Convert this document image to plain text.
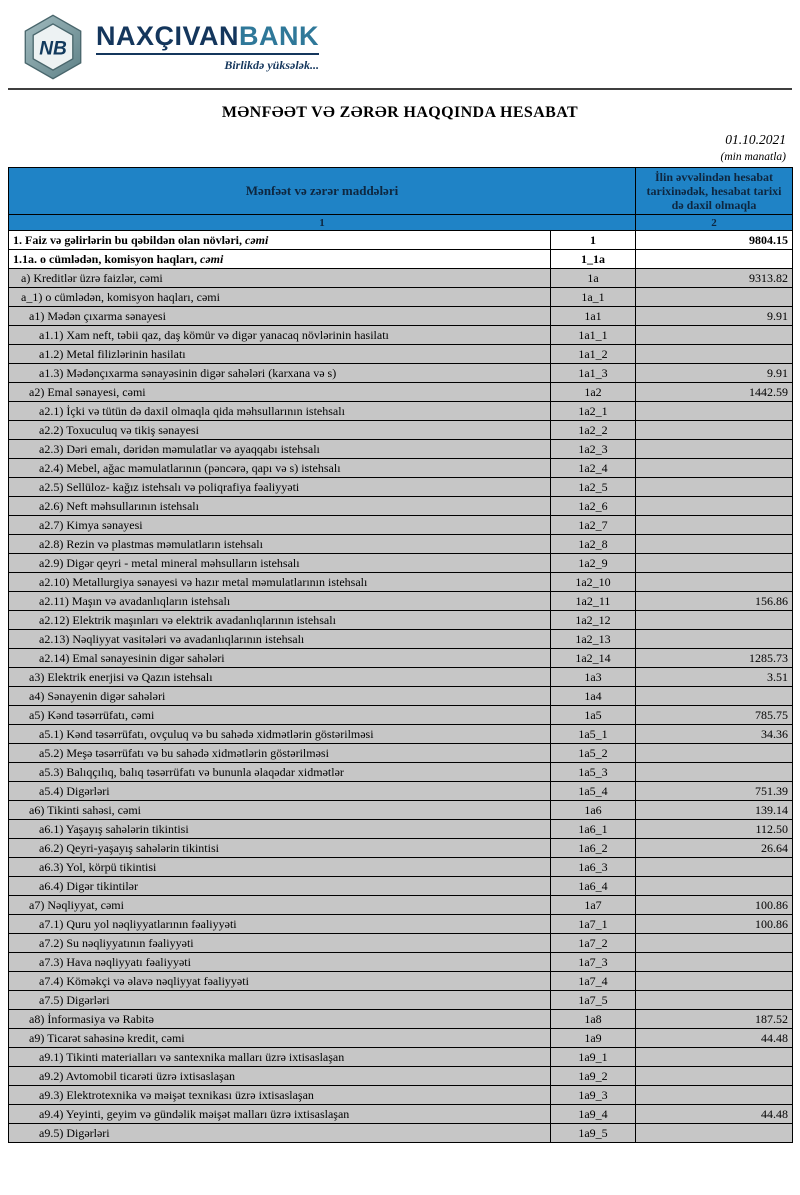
NB NAXÇIVANBANK
Birlikdə yüksələk...
MƏNFƏƏT VƏ ZƏRƏR HAQQINDA HESABAT
01.10.2021
(min manatla)
Mənfəət və zərər maddələri		İlin əvvəlindən hesabat tarixinədək, hesabat tarixi də daxil olmaqla
1		2
1. Faiz və gəlirlərin bu qəbildən olan növləri, cəmi	1	9804.15
1.1a. o cümlədən, komisyon haqları, cəmi	1_1a	
a) Kreditlər üzrə faizlər, cəmi	1a	9313.82
a_1) o cümlədən, komisyon haqları, cəmi	1a_1	
a1) Mədən çıxarma sənayesi	1a1	9.91
a1.1) Xam neft, təbii qaz, daş kömür və digər yanacaq növlərinin hasilatı	1a1_1	
a1.2) Metal filizlərinin hasilatı	1a1_2	
a1.3) Mədənçıxarma sənayəsinin digər sahələri (karxana və s)	1a1_3	9.91
a2) Emal sənayesi, cəmi	1a2	1442.59
a2.1) İçki və tütün də daxil olmaqla qida məhsullarının istehsalı	1a2_1	
a2.2) Toxuculuq və tikiş sənayesi	1a2_2	
a2.3) Dəri emalı, dəridən məmulatlar və ayaqqabı istehsalı	1a2_3	
a2.4) Mebel, ağac məmulatlarının (pəncərə, qapı və s) istehsalı	1a2_4	
a2.5) Sellüloz- kağız istehsalı və poliqrafiya fəaliyyəti	1a2_5	
a2.6) Neft məhsullarının istehsalı	1a2_6	
a2.7) Kimya sənayesi	1a2_7	
a2.8) Rezin və plastmas məmulatların istehsalı	1a2_8	
a2.9) Digər qeyri - metal mineral məhsulların istehsalı	1a2_9	
a2.10) Metallurgiya sənayesi və hazır metal məmulatlarının istehsalı	1a2_10	
a2.11) Maşın və avadanlıqların istehsalı	1a2_11	156.86
a2.12) Elektrik maşınları və elektrik avadanlıqlarının istehsalı	1a2_12	
a2.13) Nəqliyyat vasitələri və avadanlıqlarının istehsalı	1a2_13	
a2.14) Emal sənayesinin digər sahələri	1a2_14	1285.73
a3) Elektrik enerjisi və Qazın istehsalı	1a3	3.51
a4) Sənayenin digər sahələri	1a4	
a5) Kənd təsərrüfatı, cəmi	1a5	785.75
a5.1) Kənd təsərrüfatı, ovçuluq və bu sahədə xidmətlərin göstərilməsi	1a5_1	34.36
a5.2) Meşə təsərrüfatı və bu sahədə xidmətlərin göstərilməsi	1a5_2	
a5.3) Balıqçılıq, balıq təsərrüfatı və bununla əlaqədar xidmətlər	1a5_3	
a5.4) Digərləri	1a5_4	751.39
a6) Tikinti sahəsi, cəmi	1a6	139.14
a6.1) Yaşayış sahələrin tikintisi	1a6_1	112.50
a6.2) Qeyri-yaşayış sahələrin tikintisi	1a6_2	26.64
a6.3) Yol, körpü tikintisi	1a6_3	
a6.4) Digər tikintilər	1a6_4	
a7) Nəqliyyat, cəmi	1a7	100.86
a7.1) Quru yol nəqliyyatlarının fəaliyyəti	1a7_1	100.86
a7.2) Su nəqliyyatının fəaliyyəti	1a7_2	
a7.3) Hava nəqliyyatı fəaliyyəti	1a7_3	
a7.4) Köməkçi və əlavə nəqliyyat fəaliyyəti	1a7_4	
a7.5) Digərləri	1a7_5	
a8) İnformasiya və Rabitə	1a8	187.52
a9) Ticarət sahəsinə kredit, cəmi	1a9	44.48
a9.1) Tikinti materialları və santexnika malları üzrə ixtisaslaşan	1a9_1	
a9.2) Avtomobil ticarəti üzrə ixtisaslaşan	1a9_2	
a9.3) Elektrotexnika və məişət texnikası üzrə ixtisaslaşan	1a9_3	
a9.4) Yeyinti, geyim və gündəlik məişət malları üzrə ixtisaslaşan	1a9_4	44.48
a9.5) Digərləri	1a9_5	
